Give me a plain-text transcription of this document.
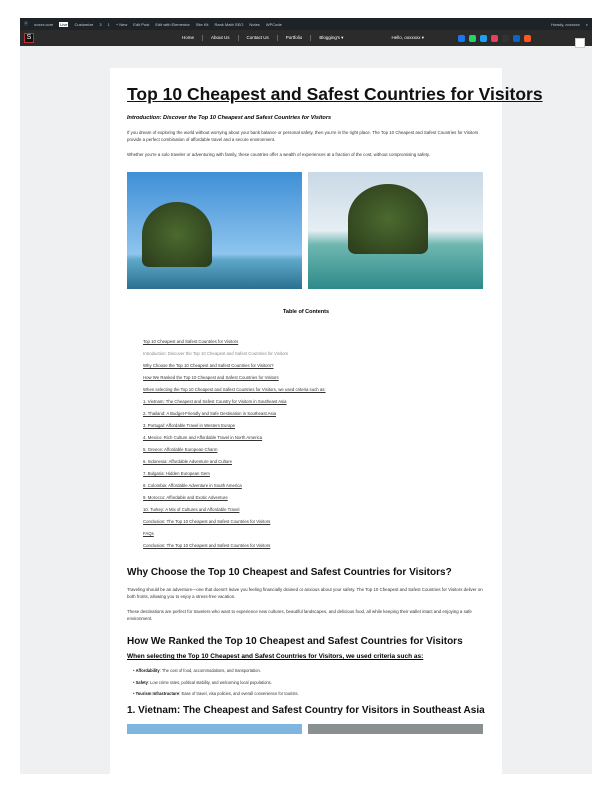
ⓦ ooxxx.com Live Customize 3 1 + New Edit Post Edit with Elementor Site Kit Rank Math SEO Notes WPCode	Howdy, ooxxxxx ⌕
S	Home	About Us	Contact Us	Portfolio	Blogging's ▾	Hello, ooxxxxx ▾
Top 10 Cheapest and Safest Countries for Visitors
Introduction: Discover the Top 10 Cheapest and Safest Countries for Visitors

If you dream of exploring the world without worrying about your bank balance or personal safety, then you're in the right place. The Top 10 Cheapest and Safest Countries for Visitors provide a perfect combination of affordable travel and a secure environment.

Whether you're a solo traveler or adventuring with family, these countries offer a wealth of experiences at a fraction of the cost, without compromising safety.

Table of Contents
Top 10 Cheapest and Safest Countries for Visitors
Introduction: Discover the Top 10 Cheapest and Safest Countries for Visitors
Why Choose the Top 10 Cheapest and Safest Countries for Visitors?
How We Ranked the Top 10 Cheapest and Safest Countries for Visitors
When selecting the Top 10 Cheapest and Safest Countries for Visitors, we used criteria such as:
1. Vietnam: The Cheapest and Safest Country for Visitors in Southeast Asia
2. Thailand: A Budget-Friendly and Safe Destination in Southeast Asia
3. Portugal: Affordable Travel in Western Europe
4. Mexico: Rich Culture and Affordable Travel in North America
5. Greece: Affordable European Charm
6. Indonesia: Affordable Adventure and Culture
7. Bulgaria: Hidden European Gem
8. Colombia: Affordable Adventure in South America
9. Morocco: Affordable and Exotic Adventure
10. Turkey: A Mix of Cultures and Affordable Travel
Conclusion: The Top 10 Cheapest and Safest Countries for Visitors
FAQs
Conclusion: The Top 10 Cheapest and Safest Countries for Visitors
Why Choose the Top 10 Cheapest and Safest Countries for Visitors?

Traveling should be an adventure—one that doesn't leave you feeling financially drained or anxious about your safety. The Top 10 Cheapest and Safest Countries for Visitors deliver on both fronts, allowing you to enjoy a stress-free vacation.

These destinations are perfect for travelers who want to experience new cultures, beautiful landscapes, and delicious food, all while keeping their wallet intact and enjoying a safe environment.

How We Ranked the Top 10 Cheapest and Safest Countries for Visitors
When selecting the Top 10 Cheapest and Safest Countries for Visitors, we used criteria such as:
• Affordability: The cost of food, accommodations, and transportation.
• Safety: Low crime rates, political stability, and welcoming local populations.
• Tourism Infrastructure: Ease of travel, visa policies, and overall convenience for tourists.
1. Vietnam: The Cheapest and Safest Country for Visitors in Southeast Asia
